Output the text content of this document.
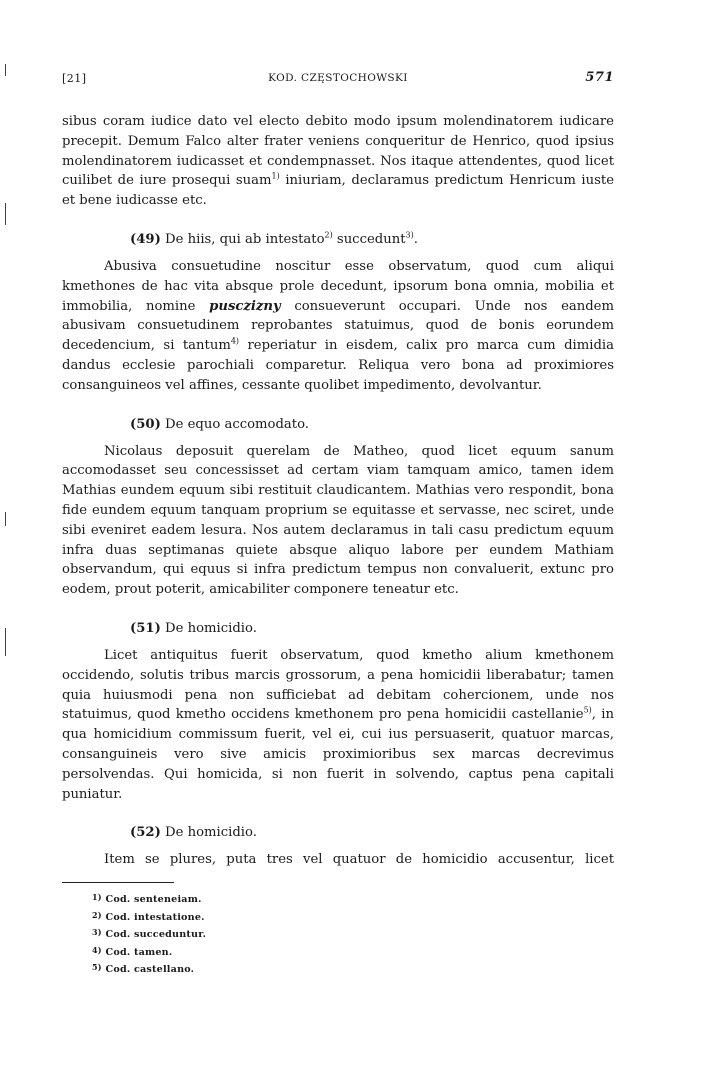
[21]	KOD. CZĘSTOCHOWSKI	571

sibus coram iudice dato vel electo debito modo ipsum molendinatorem iudicare precepit. Demum Falco alter frater veniens conqueritur de Henrico, quod ipsius molendinatorem iudicasset et condempnasset. Nos itaque attendentes, quod licet cuilibet de iure prosequi suam$^{1)}$ iniuriam, declaramus predictum Henricum iuste et bene iudicasse etc.

(49) De hiis, qui ab intestato$^{2)}$ succedunt$^{3)}$.

Abusiva consuetudine noscitur esse observatum, quod cum aliqui kmethones de hac vita absque prole decedunt, ipsorum bona omnia, mobilia et immobilia, nomine pusczizny consueverunt occupari. Unde nos eandem abusivam consuetudinem reprobantes statuimus, quod de bonis eorundem decedencium, si tantum$^{4)}$ reperiatur in eisdem, calix pro marca cum dimidia dandus ecclesie parochiali comparetur. Reliqua vero bona ad proximiores consanguineos vel affines, cessante quolibet impedimento, devolvantur.

(50) De equo accomodato.

Nicolaus deposuit querelam de Matheo, quod licet equum sanum accomodasset seu concessisset ad certam viam tamquam amico, tamen idem Mathias eundem equum sibi restituit claudicantem. Mathias vero respondit, bona fide eundem equum tanquam proprium se equitasse et servasse, nec sciret, unde sibi eveniret eadem lesura. Nos autem declaramus in tali casu predictum equum infra duas septimanas quiete absque aliquo labore per eundem Mathiam observandum, qui equus si infra predictum tempus non convaluerit, extunc pro eodem, prout poterit, amicabiliter componere teneatur etc.

(51) De homicidio.

Licet antiquitus fuerit observatum, quod kmetho alium kmethonem occidendo, solutis tribus marcis grossorum, a pena homicidii liberabatur; tamen quia huiusmodi pena non sufficiebat ad debitam cohercionem, unde nos statuimus, quod kmetho occidens kmethonem pro pena homicidii castellanie$^{5)}$, in qua homicidium commissum fuerit, vel ei, cui ius persuaserit, quatuor marcas, consanguineis vero sive amicis proximioribus sex marcas decrevimus persolvendas. Qui homicida, si non fuerit in solvendo, captus pena capitali puniatur.

(52) De homicidio.

Item se plures, puta tres vel quatuor de homicidio accusentur, licet

1) Cod. senteneiam.
2) Cod. intestatione.
3) Cod. succeduntur.
4) Cod. tamen.
5) Cod. castellano.
